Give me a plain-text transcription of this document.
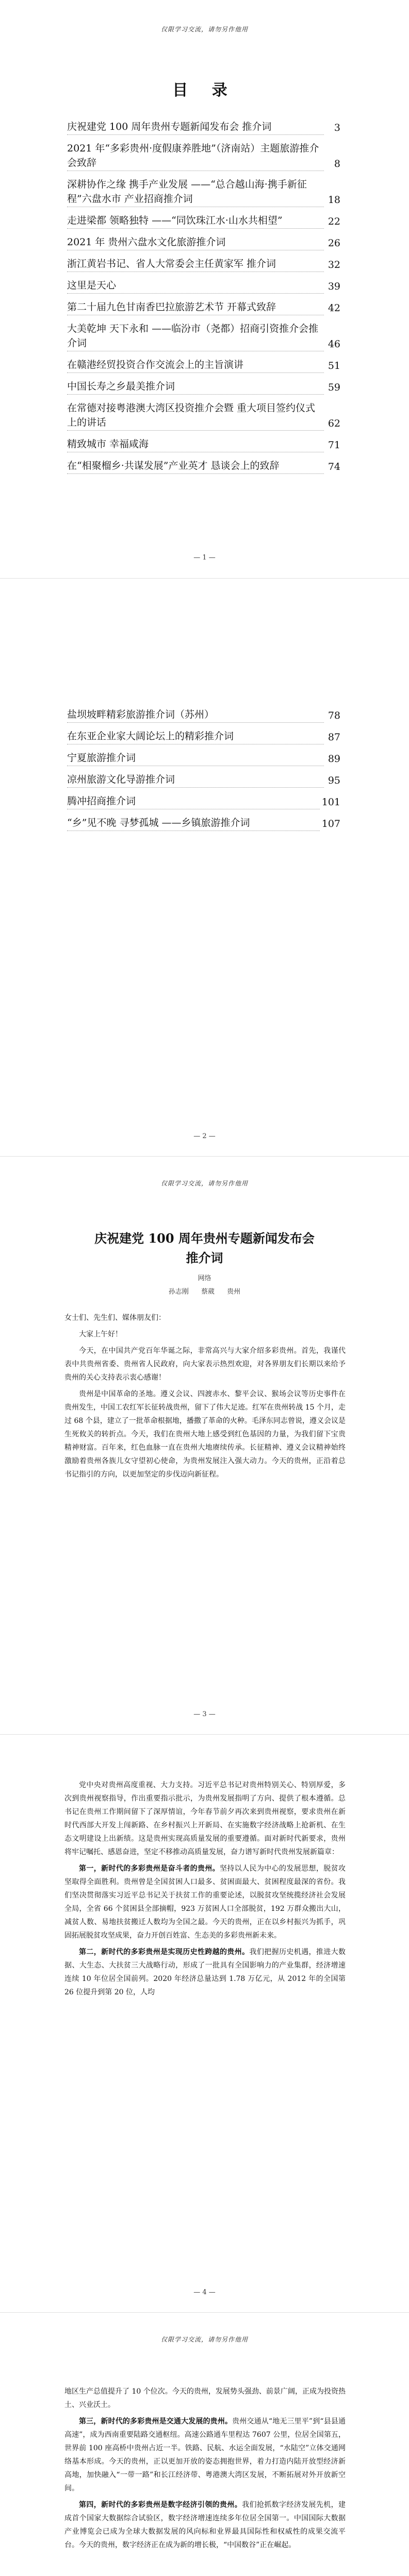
仅限学习交流，请勿另作他用
目 录
庆祝建党 100 周年贵州专题新闻发布会 推介词	3
2021 年“多彩贵州·度假康养胜地”（济南站）主题旅游推介会致辞	8
深耕协作之缘 携手产业发展 ——“总合越山海·携手新征程”六盘水市 产业招商推介词	18
走进梁都 领略独特 ——“同饮珠江水·山水共相望”	22
2021 年 贵州六盘水文化旅游推介词	26
浙江黄岩书记、省人大常委会主任黄家军 推介词	32
这里是天心	39
第二十届九色甘南香巴拉旅游艺术节 开幕式致辞	42
大美乾坤 天下永和 ——临汾市（尧都）招商引资推介会推介词	46
在赣港经贸投资合作交流会上的主旨演讲	51
中国长寿之乡最美推介词	59
在常德对接粤港澳大湾区投资推介会暨 重大项目签约仪式上的讲话	62
精致城市 幸福咸海	71
在“相聚榴乡·共谋发展”产业英才 恳谈会上的致辞	74
— 1 —
盐坝坡畔精彩旅游推介词（苏州）	78
在东亚企业家大阔论坛上的精彩推介词	87
宁夏旅游推介词	89
凉州旅游文化导游推介词	95
腾冲招商推介词	101
“乡”见不晚 寻梦孤城 ——乡镇旅游推介词	107
— 2 —
仅限学习交流，请勿另作他用
庆祝建党 100 周年贵州专题新闻发布会
推介词
网络
孙志刚 蔡葳 贵州

女士们、先生们、媒体朋友们：

大家上午好！

今天，在中国共产党百年华诞之际，非常高兴与大家介绍多彩贵州。首先，我谨代表中共贵州省委、贵州省人民政府，向大家表示热烈欢迎，对各界朋友们长期以来给予贵州的关心支持表示衷心感谢！

贵州是中国革命的圣地。遵义会议、四渡赤水、黎平会议、猴场会议等历史事件在贵州发生，中国工农红军长征转战贵州，留下了伟大足迹。红军在贵州转战 15 个月，走过 68 个县，建立了一批革命根据地，播撒了革命的火种。毛泽东同志曾说，遵义会议是生死攸关的转折点。今天，我们在贵州大地上感受到红色基因的力量，为我们留下宝贵精神财富。百年来，红色血脉一直在贵州大地赓续传承。长征精神、遵义会议精神始终激励着贵州各族儿女守望初心使命，为贵州发展注入强大动力。今天的贵州，正沿着总书记指引的方向，以更加坚定的步伐迈向新征程。

— 3 —

党中央对贵州高度重视、大力支持。习近平总书记对贵州特别关心、特别厚爱，多次到贵州视察指导，作出重要指示批示，为贵州发展指明了方向、提供了根本遵循。总书记在贵州工作期间留下了深厚情谊，今年春节前夕再次来到贵州视察，要求贵州在新时代西部大开发上闯新路、在乡村振兴上开新局、在实施数字经济战略上抢新机、在生态文明建设上出新绩。这是贵州实现高质量发展的重要遵循。面对新时代新要求，贵州将牢记嘱托、感恩奋进，坚定不移推动高质量发展，奋力谱写新时代贵州发展新篇章：

第一，新时代的多彩贵州是奋斗者的贵州。坚持以人民为中心的发展思想，脱贫攻坚取得全面胜利。贵州曾是全国贫困人口最多、贫困面最大、贫困程度最深的省份。我们坚决贯彻落实习近平总书记关于扶贫工作的重要论述，以脱贫攻坚统揽经济社会发展全局，全省 66 个贫困县全部摘帽，923 万贫困人口全部脱贫，192 万群众搬出大山，减贫人数、易地扶贫搬迁人数均为全国之最。今天的贵州，正在以乡村振兴为抓手，巩固拓展脱贫攻坚成果，奋力开创百姓富、生态美的多彩贵州新未来。

第二，新时代的多彩贵州是实现历史性跨越的贵州。我们把握历史机遇，推进大数据、大生态、大扶贫三大战略行动，形成了一批具有全国影响力的产业集群，经济增速连续 10 年位居全国前列。2020 年经济总量达到 1.78 万亿元，从 2012 年的全国第 26 位提升到第 20 位，人均

— 4 —
仅限学习交流，请勿另作他用

地区生产总值提升了 10 个位次。今天的贵州，发展势头强劲、前景广阔，正成为投资热土、兴业沃土。

第三，新时代的多彩贵州是交通大发展的贵州。贵州交通从“地无三里平”到“县县通高速”，成为西南重要陆路交通枢纽。高速公路通车里程达 7607 公里，位居全国第五，世界前 100 座高桥中贵州占近一半。铁路、民航、水运全面发展，“水陆空”立体交通网络基本形成。今天的贵州，正以更加开放的姿态拥抱世界，着力打造内陆开放型经济新高地，加快融入“一带一路”和长江经济带、粤港澳大湾区发展，不断拓展对外开放新空间。

第四，新时代的多彩贵州是数字经济引领的贵州。我们抢抓数字经济发展先机，建成首个国家大数据综合试验区，数字经济增速连续多年位居全国第一。中国国际大数据产业博览会已成为全球大数据发展的风向标和业界最具国际性和权威性的成果交流平台。今天的贵州，数字经济正在成为新的增长极，“中国数谷”正在崛起。
